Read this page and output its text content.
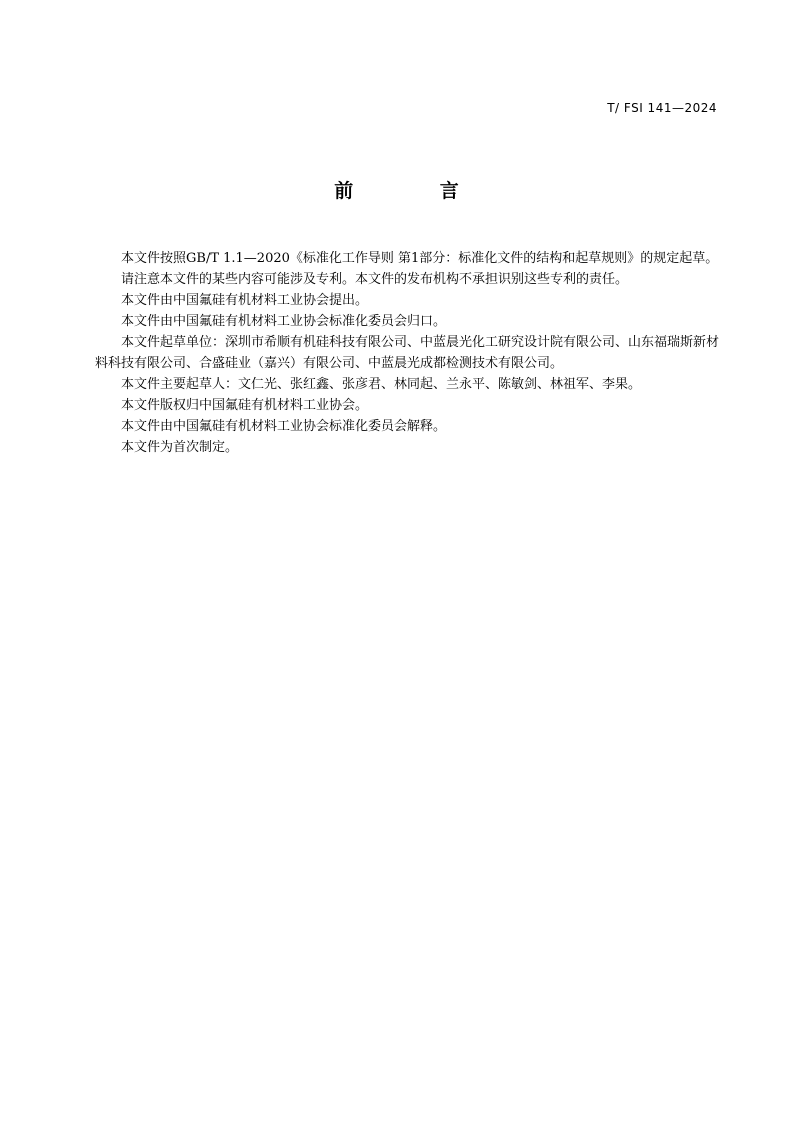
T/ FSI 141—2024
前 言

本文件按照GB/T 1.1—2020《标准化工作导则 第1部分：标准化文件的结构和起草规则》的规定起草。

请注意本文件的某些内容可能涉及专利。本文件的发布机构不承担识别这些专利的责任。

本文件由中国氟硅有机材料工业协会提出。

本文件由中国氟硅有机材料工业协会标准化委员会归口。

本文件起草单位：深圳市希顺有机硅科技有限公司、中蓝晨光化工研究设计院有限公司、山东福瑞斯新材料科技有限公司、合盛硅业（嘉兴）有限公司、中蓝晨光成都检测技术有限公司。

本文件主要起草人：文仁光、张红鑫、张彦君、林同起、兰永平、陈敏剑、林祖军、李果。

本文件版权归中国氟硅有机材料工业协会。

本文件由中国氟硅有机材料工业协会标准化委员会解释。

本文件为首次制定。
